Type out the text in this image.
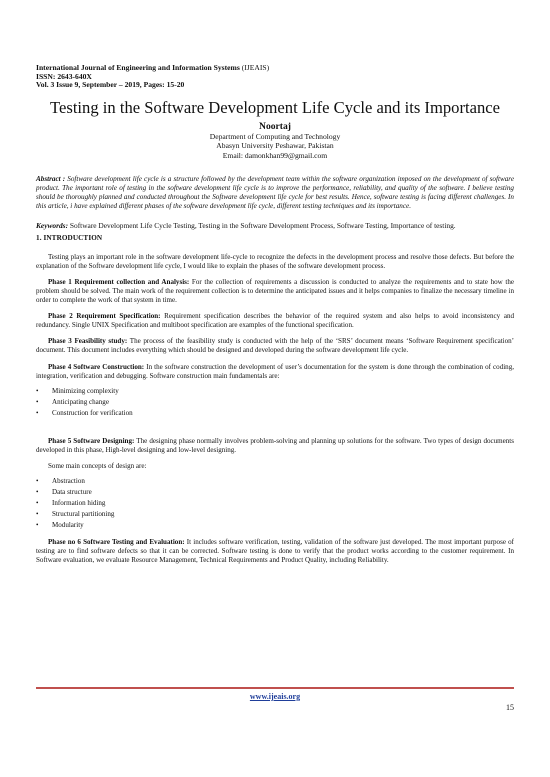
International Journal of Engineering and Information Systems (IJEAIS)
ISSN: 2643-640X
Vol. 3 Issue 9, September – 2019, Pages: 15-20
Testing in the Software Development Life Cycle and its Importance
Noortaj
Department of Computing and Technology
Abasyn University Peshawar, Pakistan
Email: damonkhan99@gmail.com
Abstract : Software development life cycle is a structure followed by the development team within the software organization imposed on the development of software product. The important role of testing in the software development life cycle is to improve the performance, reliability, and quality of the software. I believe testing should be thoroughly planned and conducted throughout the Software development life cycle for best results. Hence, software testing is facing different challenges. In this article, i have explained different phases of the software development life cycle, different testing techniques and its importance.
Keywords: Software Development Life Cycle Testing, Testing in the Software Development Process, Software Testing, Importance of testing.
1. INTRODUCTION
Testing plays an important role in the software development life-cycle to recognize the defects in the development process and resolve those defects. But before the explanation of the Software development life cycle, I would like to explain the phases of the software development process.
Phase 1 Requirement collection and Analysis: For the collection of requirements a discussion is conducted to analyze the requirements and to state how the problem should be solved. The main work of the requirement collection is to determine the anticipated issues and it helps companies to finalize the necessary timeline in order to complete the work of that system in time.
Phase 2 Requirement Specification: Requirement specification describes the behavior of the required system and also helps to avoid inconsistency and redundancy. Single UNIX Specification and multiboot specification are examples of the functional specification.
Phase 3 Feasibility study: The process of the feasibility study is conducted with the help of the ‘SRS’ document means ‘Software Requirement specification’ document. This document includes everything which should be designed and developed during the software development life cycle.
Phase 4 Software Construction: In the software construction the development of user’s documentation for the system is done through the combination of coding, integration, verification and debugging. Software construction main fundamentals are:
• Minimizing complexity
• Anticipating change
• Construction for verification
Phase 5 Software Designing: The designing phase normally involves problem-solving and planning up solutions for the software. Two types of design documents developed in this phase, High-level designing and low-level designing.
Some main concepts of design are:
• Abstraction
• Data structure
• Information hiding
• Structural partitioning
• Modularity
Phase no 6 Software Testing and Evaluation: It includes software verification, testing, validation of the software just developed. The most important purpose of testing are to find software defects so that it can be corrected. Software testing is done to verify that the product works according to the customer requirement. In Software evaluation, we evaluate Resource Management, Technical Requirements and Product Quality, including Reliability.
www.ijeais.org
15
